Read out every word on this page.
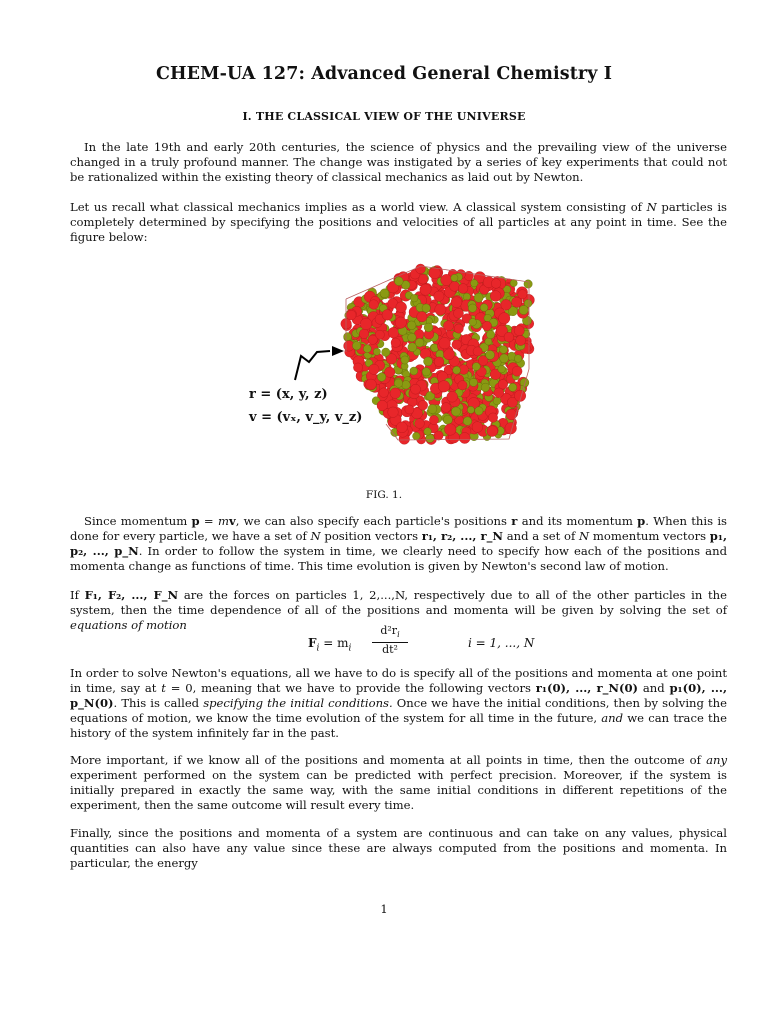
CHEM-UA 127: Advanced General Chemistry I
I. THE CLASSICAL VIEW OF THE UNIVERSE

In the late 19th and early 20th centuries, the science of physics and the prevailing view of the universe changed in a truly profound manner. The change was instigated by a series of key experiments that could not be rationalized within the existing theory of classical mechanics as laid out by Newton.

Let us recall what classical mechanics implies as a world view. A classical system consisting of N particles is completely determined by specifying the positions and velocities of all particles at any point in time. See the figure below:

r = (x, y, z)
v = (vₓ, v_y, v_z)
FIG. 1.

Since momentum p = mv, we can also specify each particle's positions r and its momentum p. When this is done for every particle, we have a set of N position vectors r₁, r₂, ..., r_N and a set of N momentum vectors p₁, p₂, ..., p_N. In order to follow the system in time, we clearly need to specify how each of the positions and momenta change as functions of time. This time evolution is given by Newton's second law of motion.

If F₁, F₂, ..., F_N are the forces on particles 1, 2,...,N, respectively due to all of the other particles in the system, then the time dependence of all of the positions and momenta will be given by solving the set of equations of motion

$F_i = m_i$
$d^2r_i$
dt²	i = 1, ..., N

In order to solve Newton's equations, all we have to do is specify all of the positions and momenta at one point in time, say at t = 0, meaning that we have to provide the following vectors r₁(0), ..., r_N(0) and p₁(0), ..., p_N(0). This is called specifying the initial conditions. Once we have the initial conditions, then by solving the equations of motion, we know the time evolution of the system for all time in the future, and we can trace the history of the system infinitely far in the past.

More important, if we know all of the positions and momenta at all points in time, then the outcome of any experiment performed on the system can be predicted with perfect precision. Moreover, if the system is initially prepared in exactly the same way, with the same initial conditions in different repetitions of the experiment, then the same outcome will result every time.

Finally, since the positions and momenta of a system are continuous and can take on any values, physical quantities can also have any value since these are always computed from the positions and momenta. In particular, the energy

1
